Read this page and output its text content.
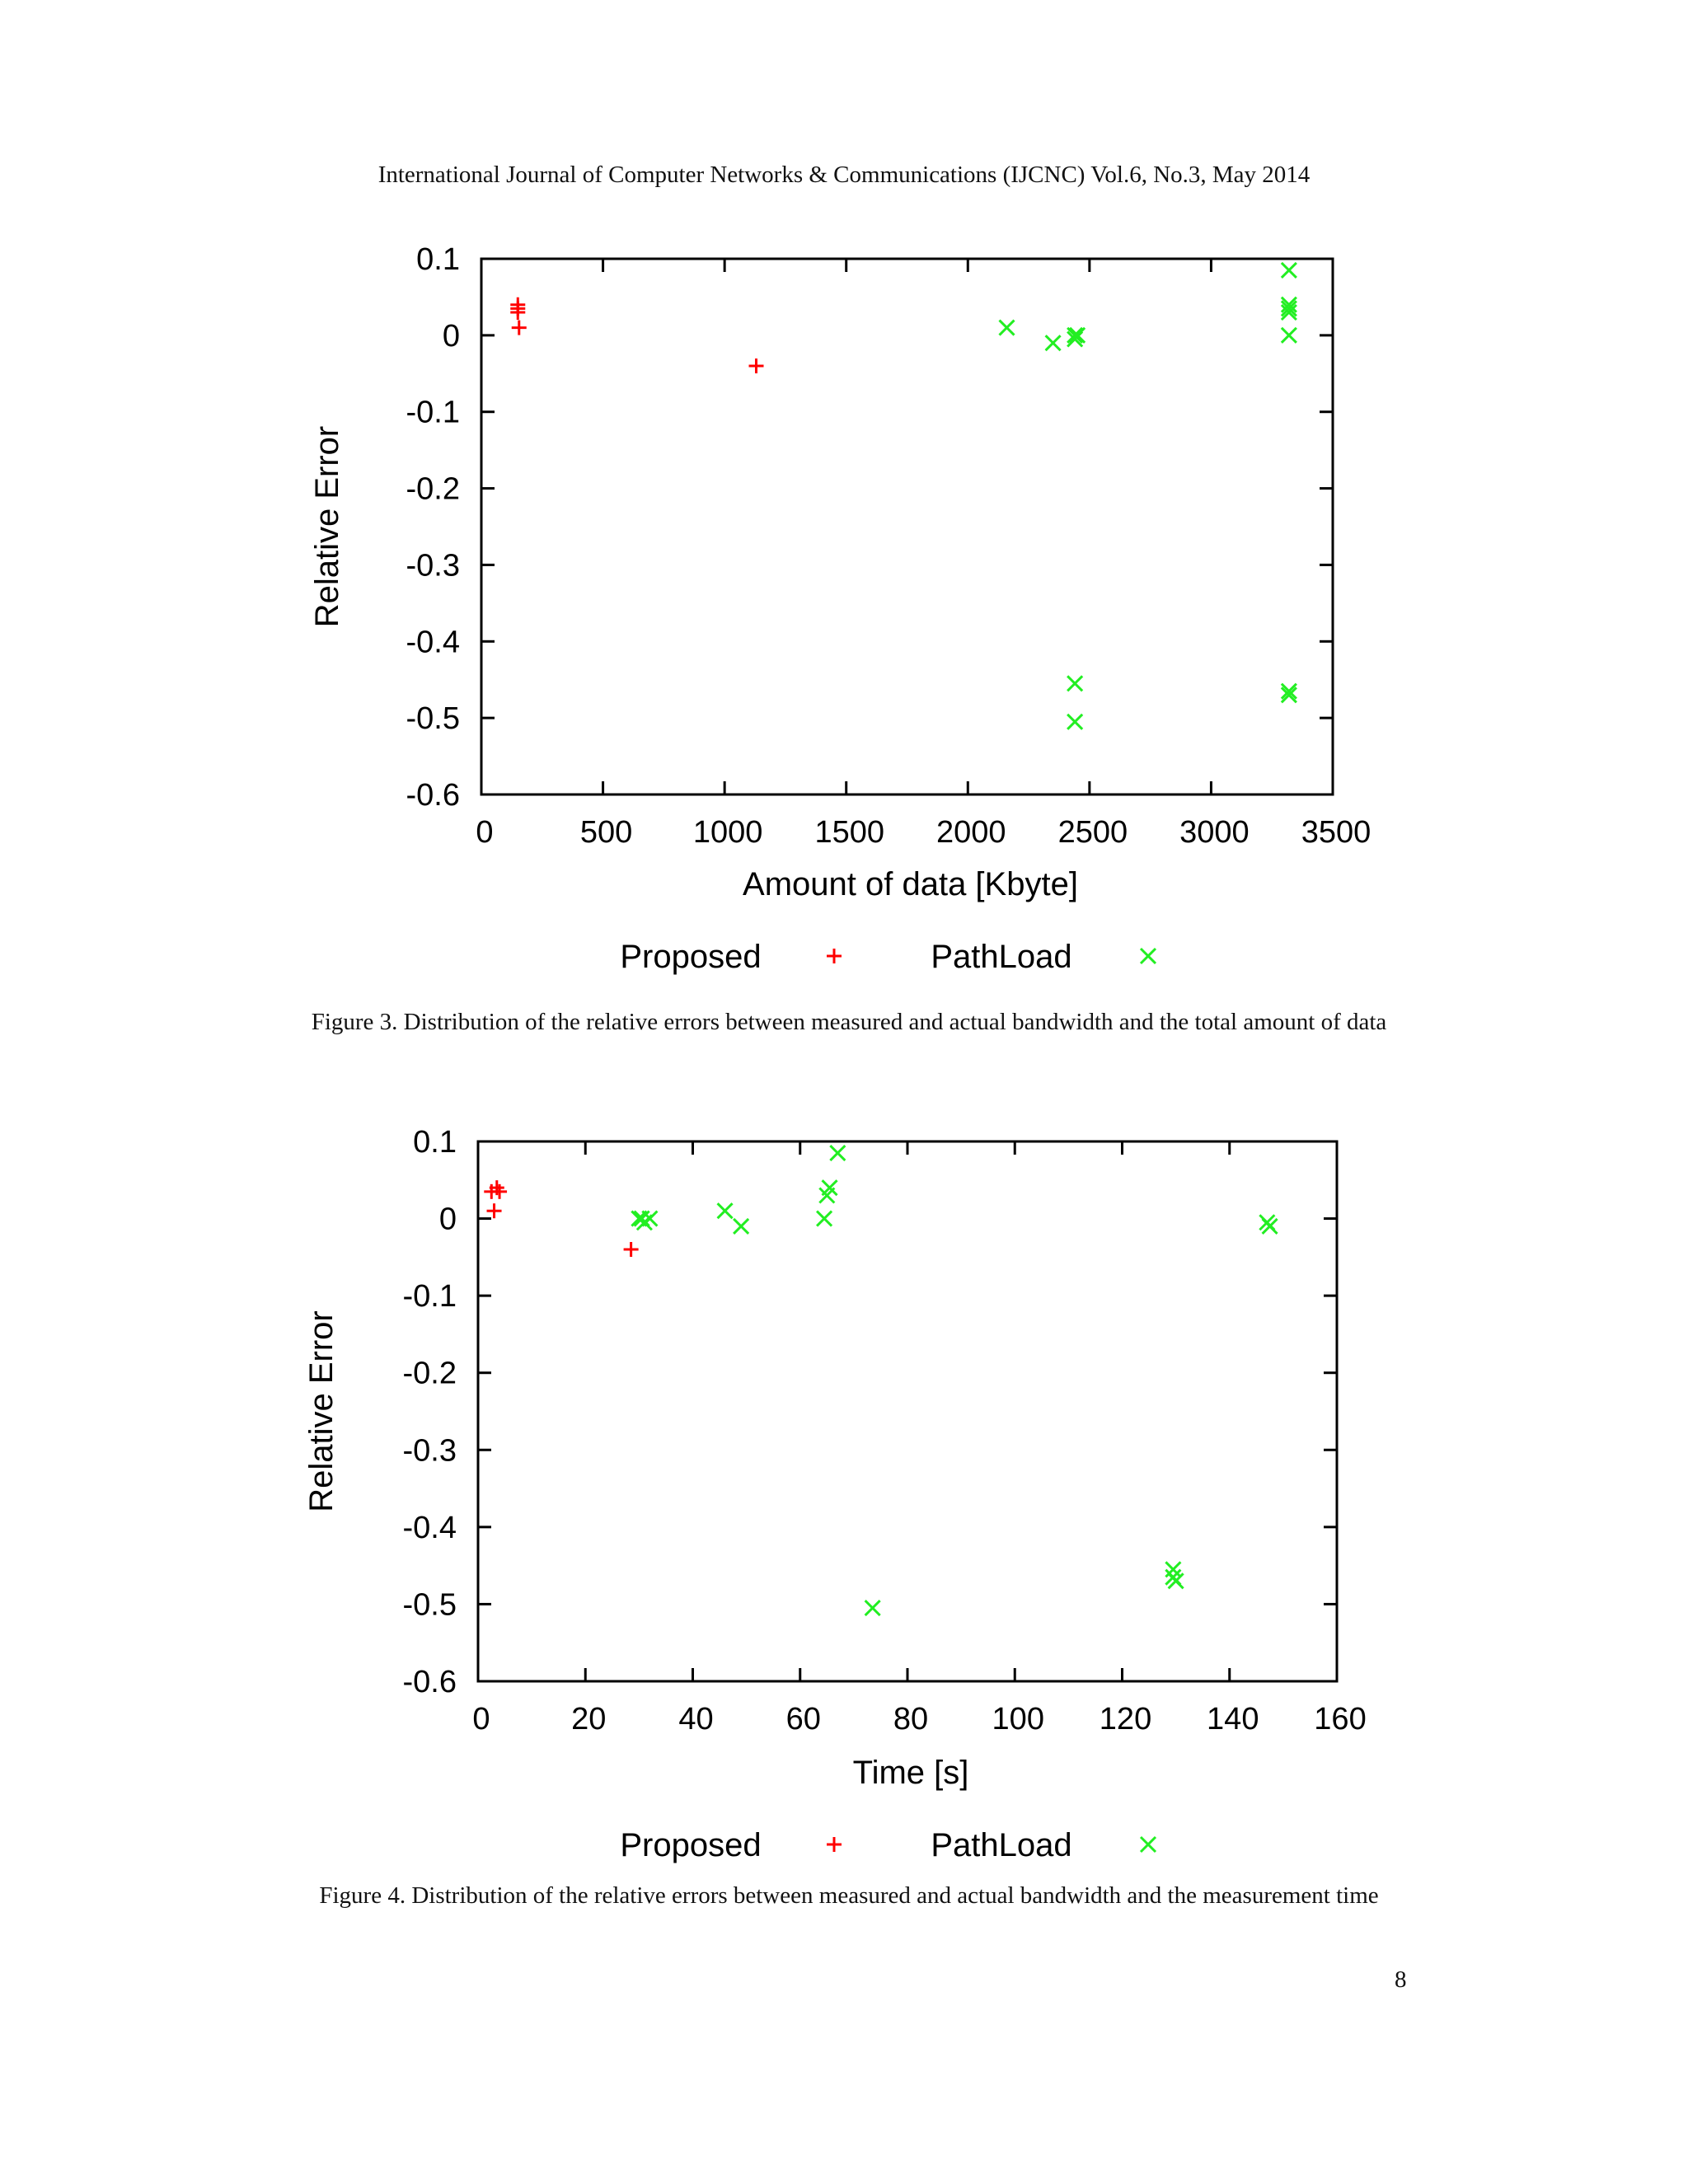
International Journal of Computer Networks & Communications (IJCNC) Vol.6, No.3, May 2014
0	500 1000 1500 2000 2500 3000 3500
0.1
0
-0.1
-0.2
-0.3
-0.4
-0.5
-0.6
Amount of data [Kbyte]
Relative Error
Proposed	PathLoad
Figure 3. Distribution of the relative errors between measured and actual bandwidth and the total amount of data
0	20 40 60 80 100 120 140 160
0.1
0
-0.1
-0.2
-0.3
-0.4
-0.5
-0.6
Time [s]
Relative Error
Proposed	PathLoad
Figure 4. Distribution of the relative errors between measured and actual bandwidth and the measurement time
8
